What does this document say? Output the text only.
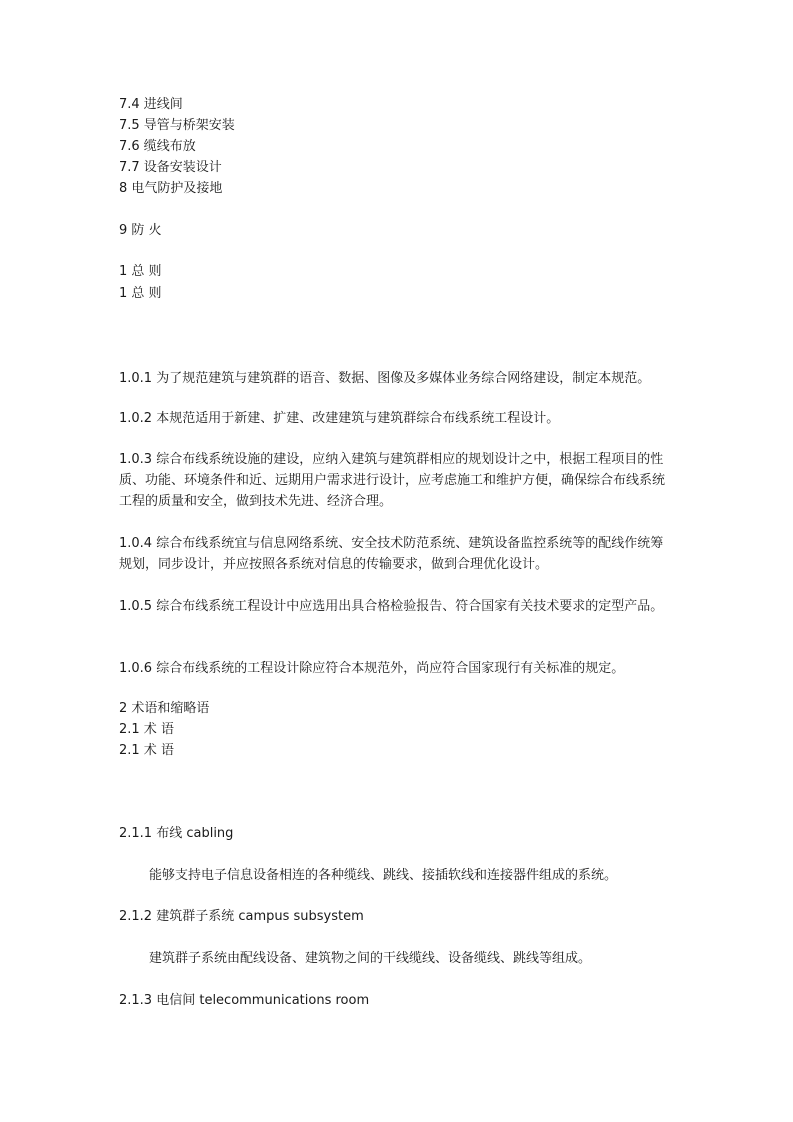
7.4 进线间
7.5 导管与桥架安装
7.6 缆线布放
7.7 设备安装设计
8 电气防护及接地
9 防 火
1 总 则
1 总 则
1.0.1 为了规范建筑与建筑群的语音、数据、图像及多媒体业务综合网络建设，制定本规范。
1.0.2 本规范适用于新建、扩建、改建建筑与建筑群综合布线系统工程设计。
1.0.3 综合布线系统设施的建设，应纳入建筑与建筑群相应的规划设计之中，根据工程项目的性质、功能、环境条件和近、远期用户需求进行设计，应考虑施工和维护方便，确保综合布线系统工程的质量和安全，做到技术先进、经济合理。
1.0.4 综合布线系统宜与信息网络系统、安全技术防范系统、建筑设备监控系统等的配线作统筹规划，同步设计，并应按照各系统对信息的传输要求，做到合理优化设计。
1.0.5 综合布线系统工程设计中应选用出具合格检验报告、符合国家有关技术要求的定型产品。
1.0.6 综合布线系统的工程设计除应符合本规范外，尚应符合国家现行有关标准的规定。
2 术语和缩略语
2.1 术 语
2.1 术 语
2.1.1 布线 cabling
能够支持电子信息设备相连的各种缆线、跳线、接插软线和连接器件组成的系统。
2.1.2 建筑群子系统 campus subsystem
建筑群子系统由配线设备、建筑物之间的干线缆线、设备缆线、跳线等组成。
2.1.3 电信间 telecommunications room
